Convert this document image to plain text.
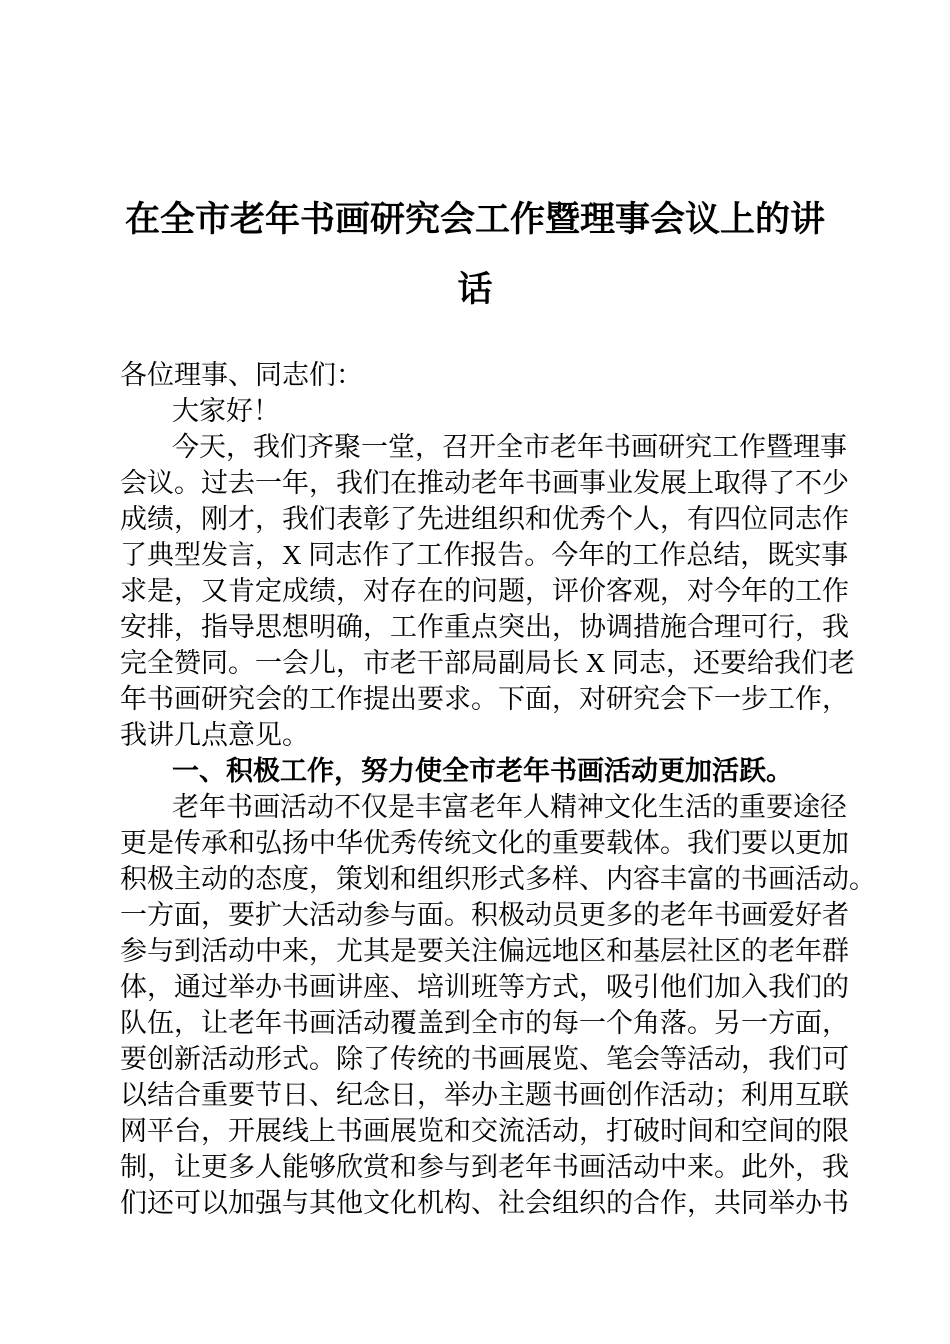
在全市老年书画研究会工作暨理事会议上的讲话
各位理事、同志们：
大家好！
今天，我们齐聚一堂，召开全市老年书画研究工作暨理事
会议。过去一年，我们在推动老年书画事业发展上取得了不少
成绩，刚才，我们表彰了先进组织和优秀个人，有四位同志作
了典型发言，X 同志作了工作报告。今年的工作总结，既实事
求是，又肯定成绩，对存在的问题，评价客观，对今年的工作
安排，指导思想明确，工作重点突出，协调措施合理可行，我
完全赞同。一会儿，市老干部局副局长 X 同志，还要给我们老
年书画研究会的工作提出要求。下面，对研究会下一步工作，
我讲几点意见。
一、积极工作，努力使全市老年书画活动更加活跃。
老年书画活动不仅是丰富老年人精神文化生活的重要途径
更是传承和弘扬中华优秀传统文化的重要载体。我们要以更加
积极主动的态度，策划和组织形式多样、内容丰富的书画活动。
一方面，要扩大活动参与面。积极动员更多的老年书画爱好者
参与到活动中来，尤其是要关注偏远地区和基层社区的老年群
体，通过举办书画讲座、培训班等方式，吸引他们加入我们的
队伍，让老年书画活动覆盖到全市的每一个角落。另一方面，
要创新活动形式。除了传统的书画展览、笔会等活动，我们可
以结合重要节日、纪念日，举办主题书画创作活动；利用互联
网平台，开展线上书画展览和交流活动，打破时间和空间的限
制，让更多人能够欣赏和参与到老年书画活动中来。此外，我
们还可以加强与其他文化机构、社会组织的合作，共同举办书
